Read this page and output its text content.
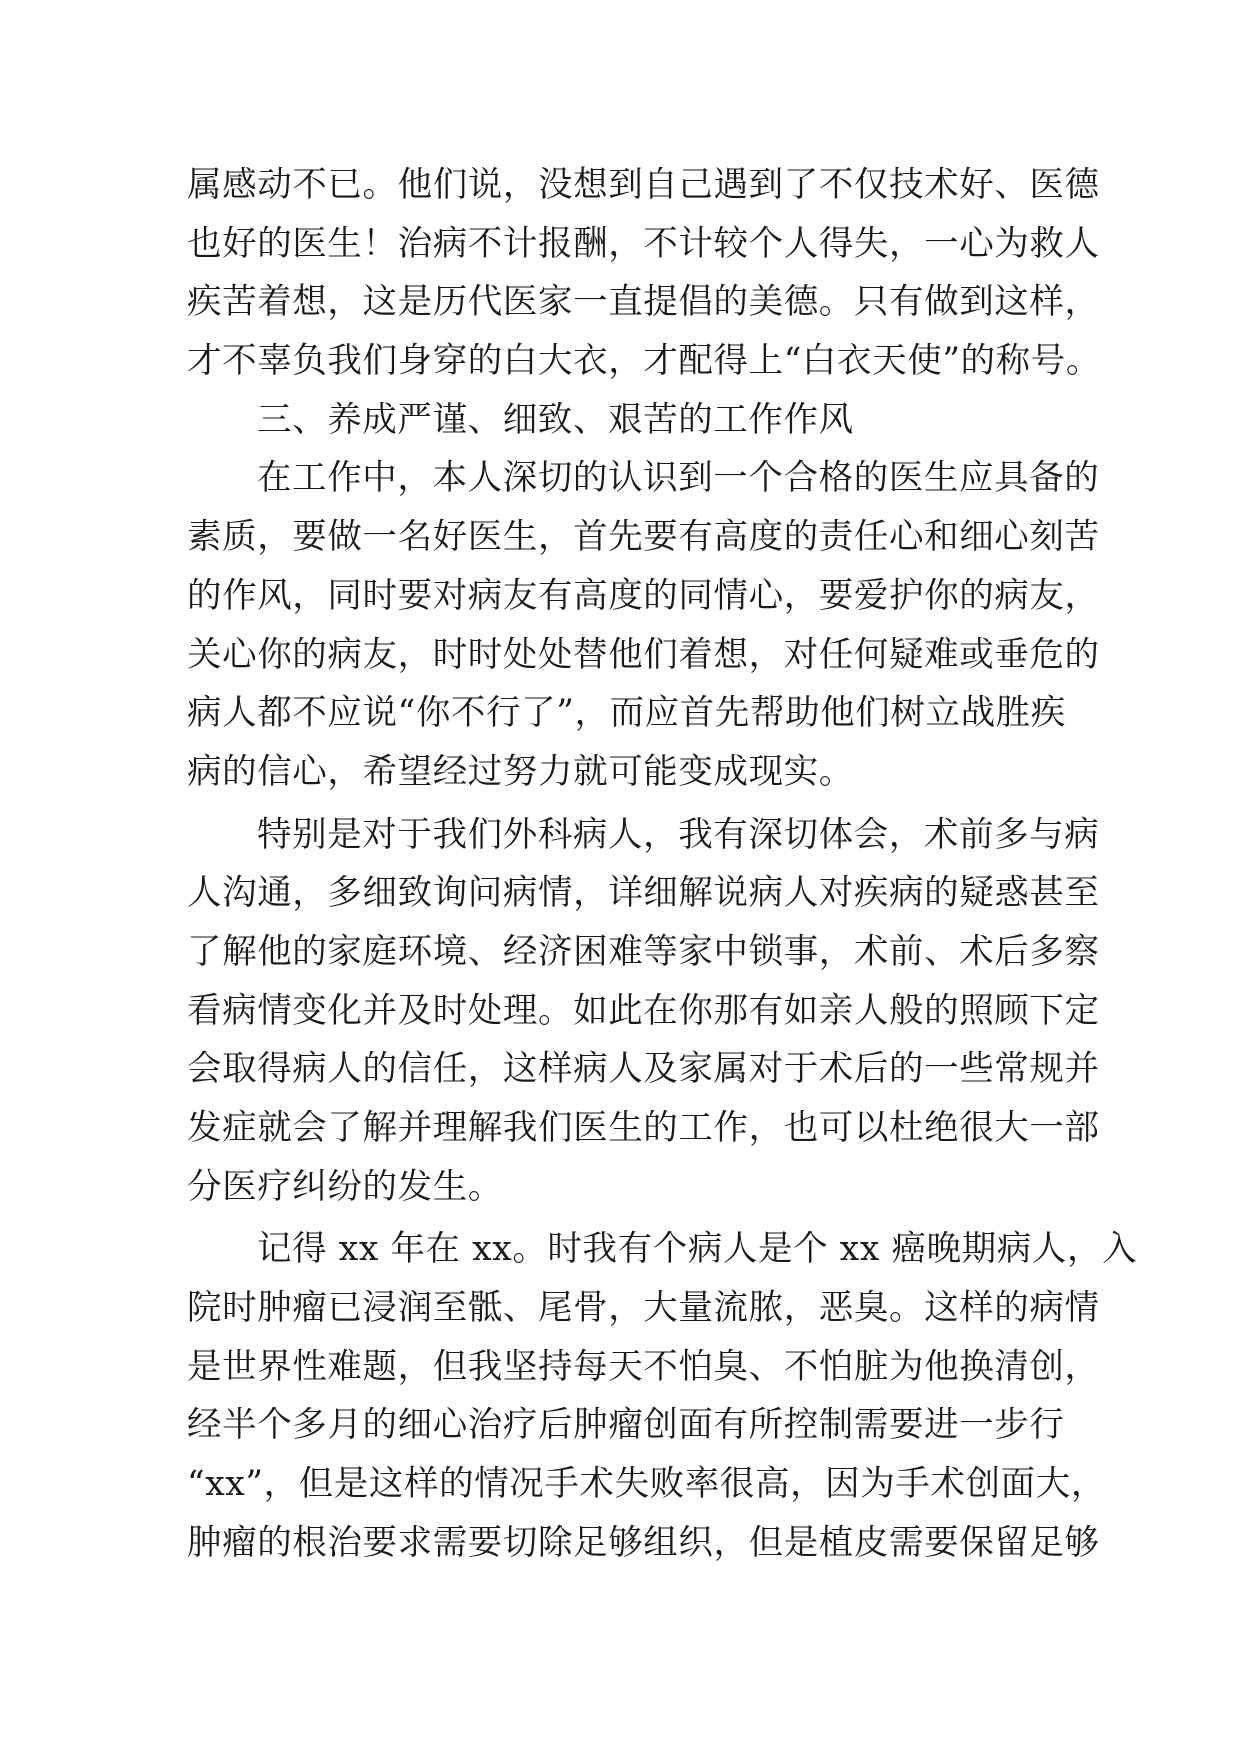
属感动不已。他们说，没想到自己遇到了不仅技术好、医德
也好的医生！治病不计报酬，不计较个人得失，一心为救人
疾苦着想，这是历代医家一直提倡的美德。只有做到这样，
才不辜负我们身穿的白大衣，才配得上“白衣天使”的称号。
三、养成严谨、细致、艰苦的工作作风
在工作中，本人深切的认识到一个合格的医生应具备的
素质，要做一名好医生，首先要有高度的责任心和细心刻苦
的作风，同时要对病友有高度的同情心，要爱护你的病友，
关心你的病友，时时处处替他们着想，对任何疑难或垂危的
病人都不应说“你不行了”，而应首先帮助他们树立战胜疾
病的信心，希望经过努力就可能变成现实。
特别是对于我们外科病人，我有深切体会，术前多与病
人沟通，多细致询问病情，详细解说病人对疾病的疑惑甚至
了解他的家庭环境、经济困难等家中锁事，术前、术后多察
看病情变化并及时处理。如此在你那有如亲人般的照顾下定
会取得病人的信任，这样病人及家属对于术后的一些常规并
发症就会了解并理解我们医生的工作，也可以杜绝很大一部
分医疗纠纷的发生。
记得 xx 年在 xx。时我有个病人是个 xx 癌晚期病人，入
院时肿瘤已浸润至骶、尾骨，大量流脓，恶臭。这样的病情
是世界性难题，但我坚持每天不怕臭、不怕脏为他换清创，
经半个多月的细心治疗后肿瘤创面有所控制需要进一步行
“xx”，但是这样的情况手术失败率很高，因为手术创面大，
肿瘤的根治要求需要切除足够组织，但是植皮需要保留足够
